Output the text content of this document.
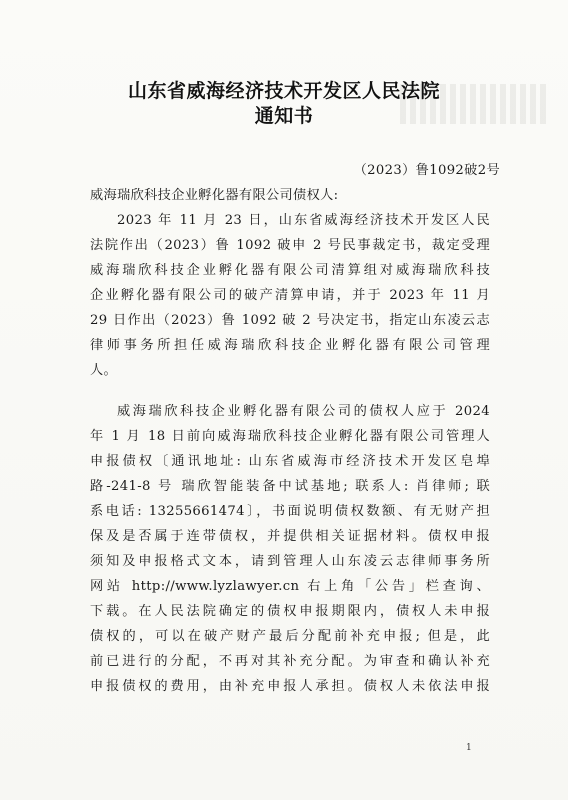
山东省威海经济技术开发区人民法院
通知书
（2023）鲁1092破2号
威海瑞欣科技企业孵化器有限公司债权人:
2023 年 11 月 23 日，山东省威海经济技术开发区人民
法院作出（2023）鲁 1092 破申 2 号民事裁定书，裁定受理
威海瑞欣科技企业孵化器有限公司清算组对威海瑞欣科技
企业孵化器有限公司的破产清算申请，并于 2023 年 11 月
29 日作出（2023）鲁 1092 破 2 号决定书，指定山东凌云志
律师事务所担任威海瑞欣科技企业孵化器有限公司管理
人。
威海瑞欣科技企业孵化器有限公司的债权人应于 2024
年 1 月 18 日前向威海瑞欣科技企业孵化器有限公司管理人
申报债权〔通讯地址: 山东省威海市经济技术开发区皂埠
路-241-8 号 瑞欣智能装备中试基地; 联系人: 肖律师; 联
系电话: 13255661474〕，书面说明债权数额、有无财产担
保及是否属于连带债权，并提供相关证据材料。债权申报
须知及申报格式文本，请到管理人山东凌云志律师事务所
网站 http://www.lyzlawyer.cn 右上角「公告」栏查询、
下载。在人民法院确定的债权申报期限内，债权人未申报
债权的，可以在破产财产最后分配前补充申报; 但是，此
前已进行的分配，不再对其补充分配。为审查和确认补充
申报债权的费用，由补充申报人承担。债权人未依法申报
1
